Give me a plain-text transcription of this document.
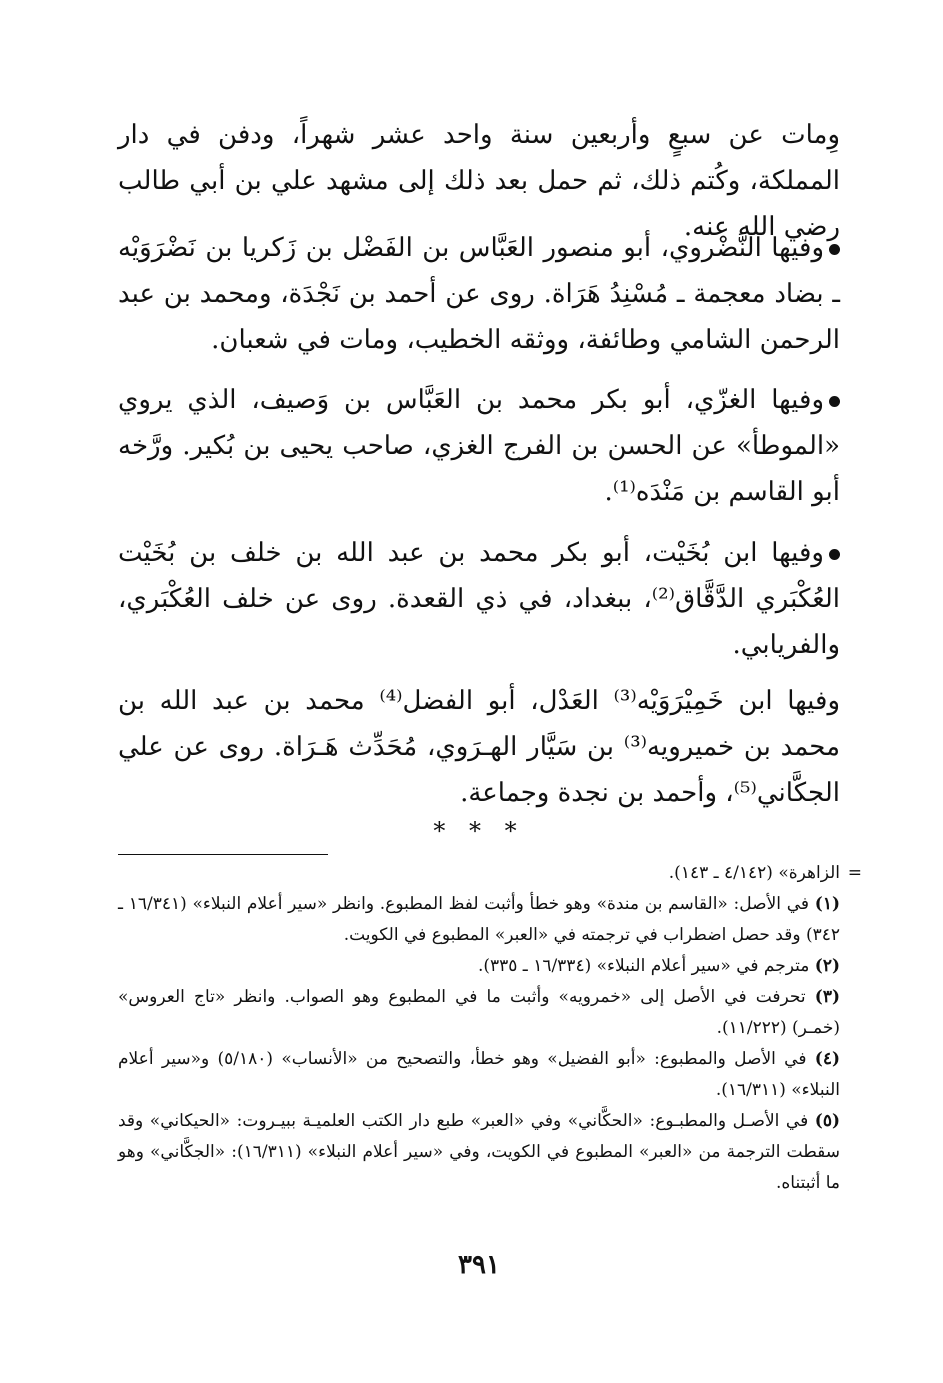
وِمات عن سبعٍ وأربعين سنة واحد عشر شهراً، ودفن في دار المملكة، وكُتم ذلك، ثم حمل بعد ذلك إلى مشهد علي بن أبي طالب رضي الله عنه.

وفيها النَّضْروي، أبو منصور العَبَّاس بن الفَضْل بن زَكريا بن نَضْرَوَيْه ـ بضاد معجمة ـ مُسْنِدُ هَرَاة. روى عن أحمد بن نَجْدَة، ومحمد بن عبد الرحمن الشامي وطائفة، ووثقه الخطيب، ومات في شعبان.

وفيها الغزّي، أبو بكر محمد بن العَبَّاس بن وَصيف، الذي يروي «الموطأ» عن الحسن بن الفرج الغزي، صاحب يحيى بن بُكير. ورَّخه أبو القاسم بن مَنْدَه⁽¹⁾.

وفيها ابن بُخَيْت، أبو بكر محمد بن عبد الله بن خلف بن بُخَيْت العُكْبَري الدَّقَّاق⁽²⁾، ببغداد، في ذي القعدة. روى عن خلف العُكْبَري، والفريابي.

وفيها ابن خَمِيْرَوَيْه⁽³⁾ العَدْل، أبو الفضل⁽⁴⁾ محمد بن عبد الله بن محمد بن خميرويه⁽³⁾ بن سَيَّار الهـرَوي، مُحَدِّث هَـرَاة. روى عن علي الجكَّاني⁽⁵⁾، وأحمد بن نجدة وجماعة.

* * *

=
الزاهرة» (٤/١٤٢ ـ ١٤٣).

(١) في الأصل: «القاسم بن مندة» وهو خطأ وأثبت لفظ المطبوع. وانظر «سير أعلام النبلاء» (١٦/٣٤١ ـ ٣٤٢) وقد حصل اضطراب في ترجمته في «العبر» المطبوع في الكويت.

(٢) مترجم في «سير أعلام النبلاء» (١٦/٣٣٤ ـ ٣٣٥).

(٣) تحرفت في الأصل إلى «خمرويه» وأثبت ما في المطبوع وهو الصواب. وانظر «تاج العروس» (خمـر) (١١/٢٢٢).

(٤) في الأصل والمطبوع: «أبو الفضيل» وهو خطأ، والتصحيح من «الأنساب» (٥/١٨٠) و«سير أعلام النبلاء» (١٦/٣١١).

(٥) في الأصـل والمطبـوع: «الحكَّاني» وفي «العبر» طبع دار الكتب العلميـة ببيـروت: «الحيكاني» وقد سقطت الترجمة من «العبر» المطبوع في الكويت، وفي «سير أعلام النبلاء» (١٦/٣١١): «الجكَّاني» وهو ما أثبتناه.

٣٩١
